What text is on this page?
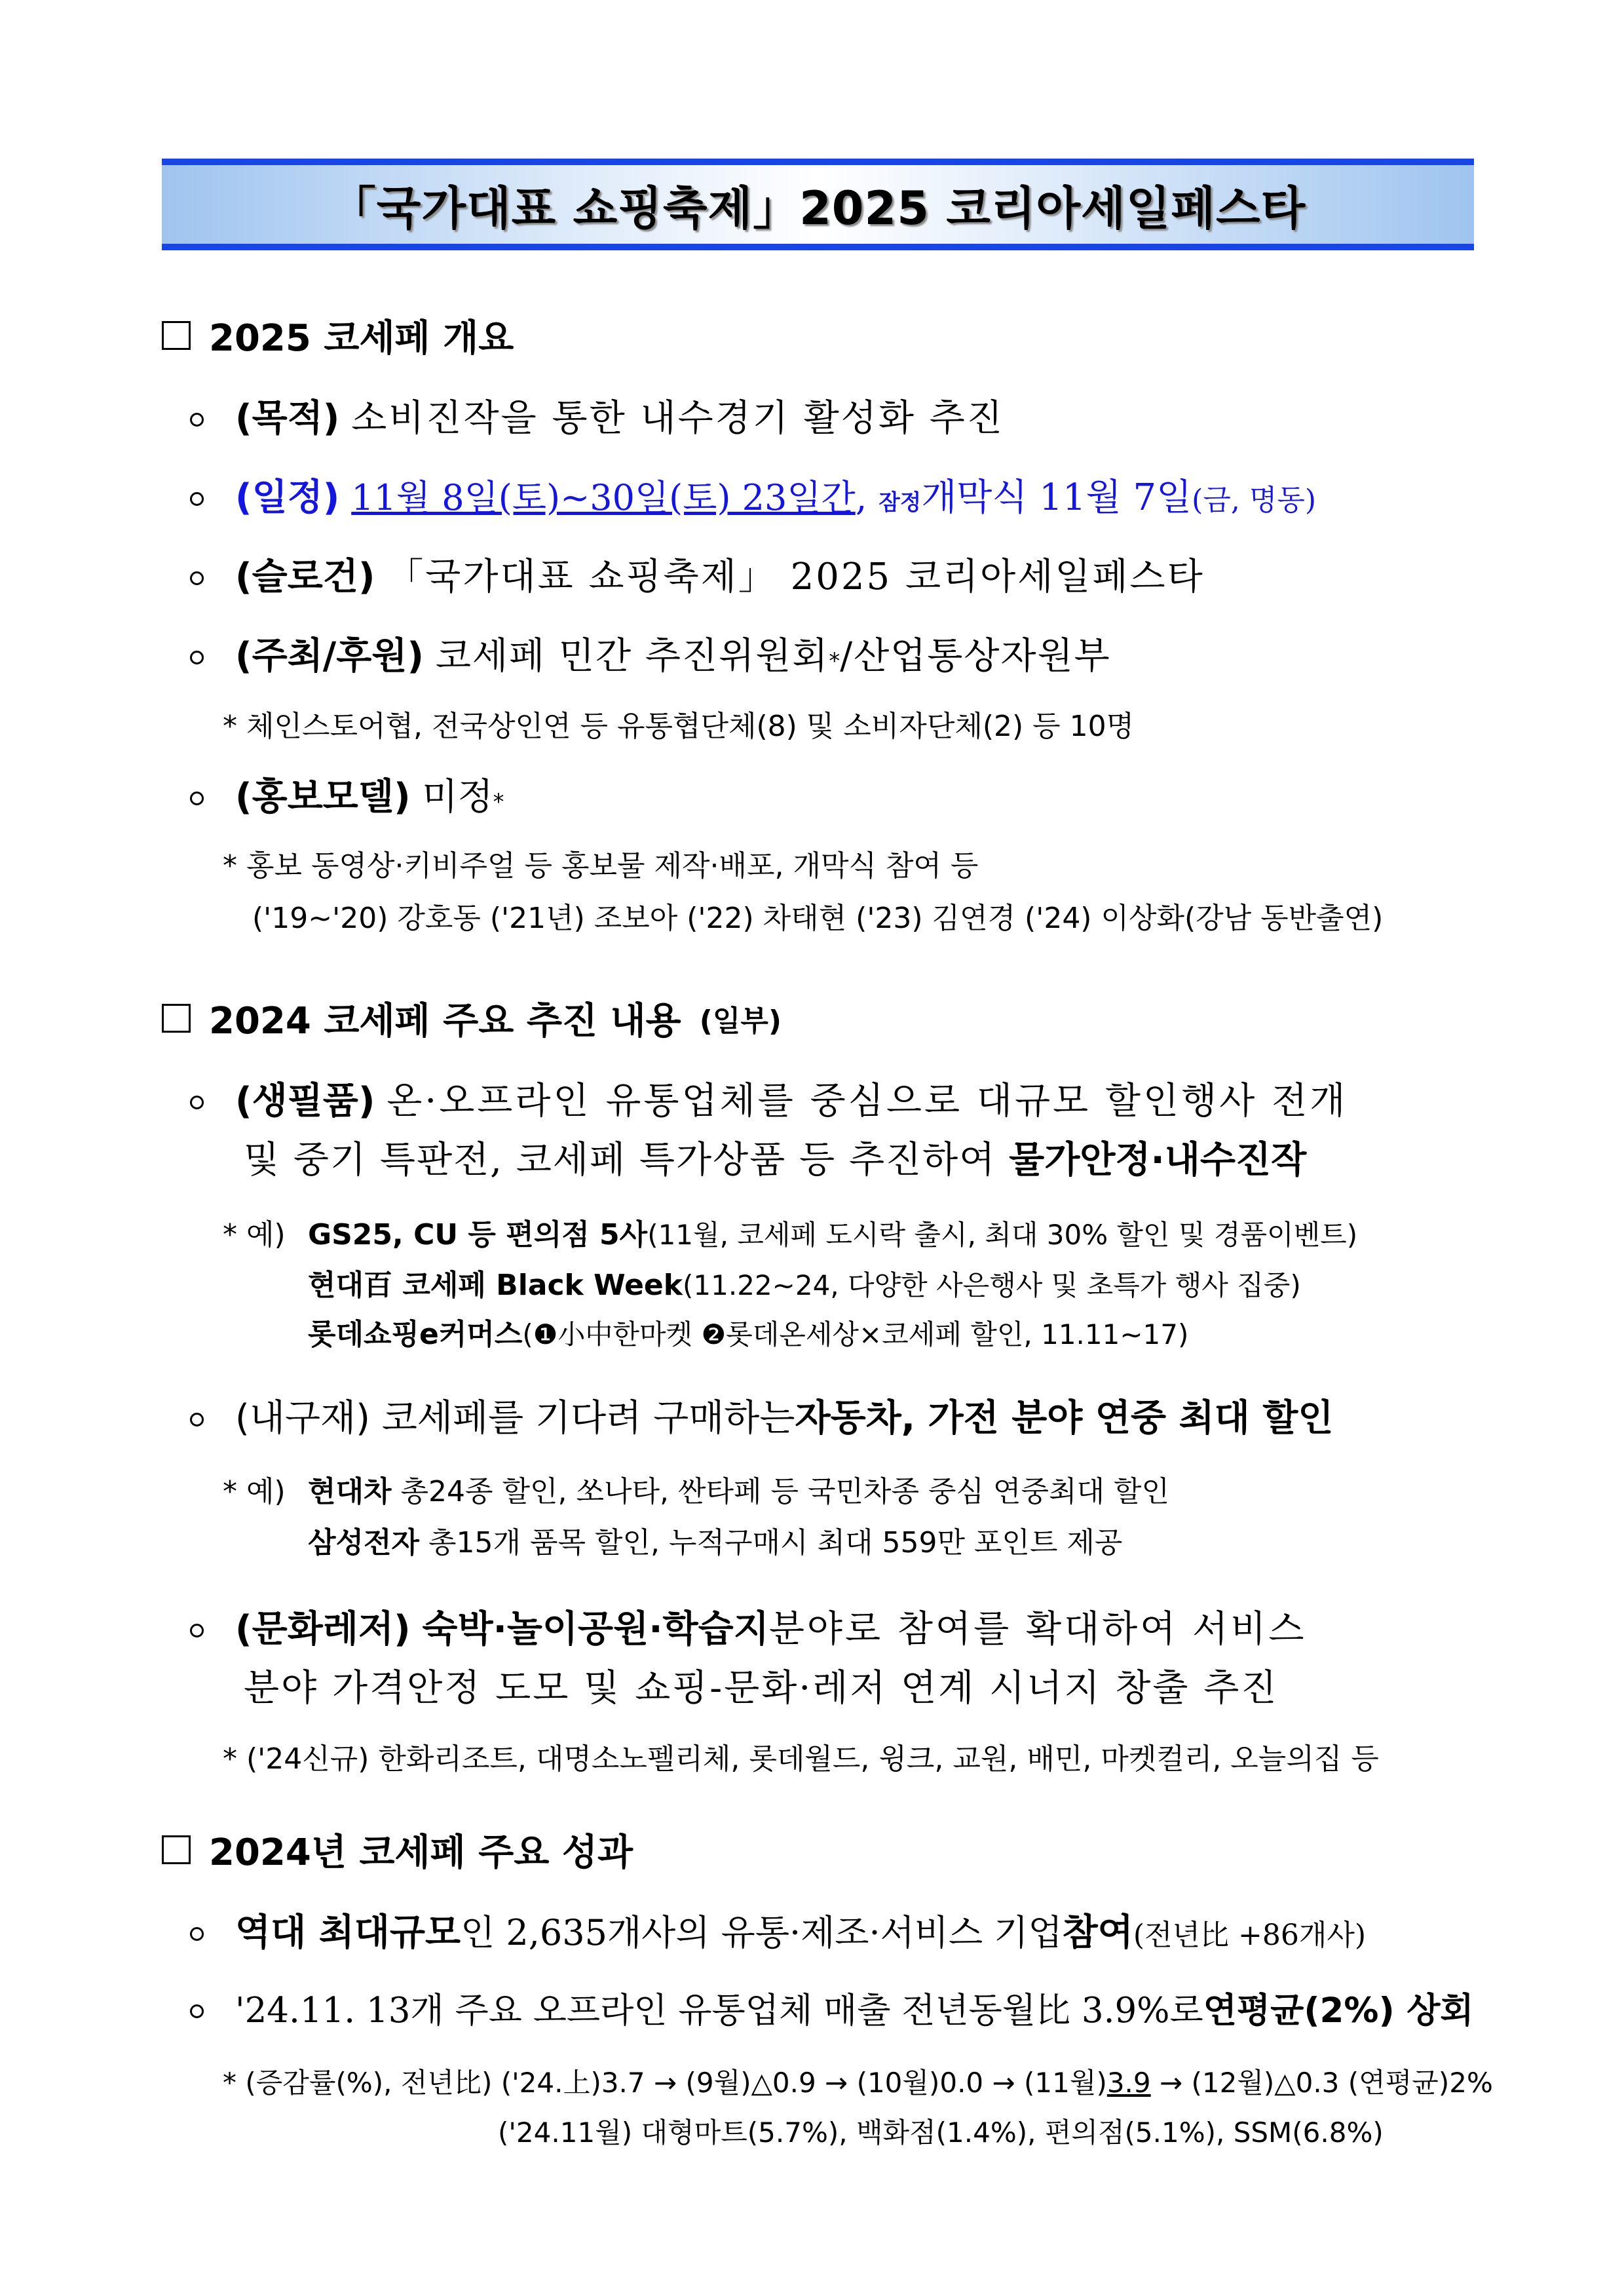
「국가대표 쇼핑축제」2025 코리아세일페스타
2025 코세페 개요
(목적)
소비진작을 통한 내수경기 활성화 추진
(일정)
11월 8일(토)~30일(토) 23일간 ,
잠정 개막식 11월 7일 (금, 명동)
(슬로건)
「국가대표 쇼핑축제」 2025 코리아세일페스타
(주최/후원)
코세페 민간 추진위원회$_*$ /산업통상자원부
* 체인스토어협, 전국상인연 등 유통협단체(8) 및 소비자단체(2) 등 10명
(홍보모델)
미정$_*$
* 홍보 동영상·키비주얼 등 홍보물 제작·배포, 개막식 참여 등
('19~'20) 강호동 ('21년) 조보아 ('22) 차태현 ('23) 김연경 ('24) 이상화(강남 동반출연)
2024 코세페 주요 추진 내용 (일부)
(생필품)
온·오프라인 유통업체를 중심으로 대규모 할인행사 전개
및 중기 특판전, 코세페 특가상품 등 추진하여 물가안정·내수진작
* 예) GS25, CU 등 편의점 5사(11월, 코세페 도시락 출시, 최대 30% 할인 및 경품이벤트)
현대百 코세페 Black Week(11.22~24, 다양한 사은행사 및 초특가 행사 집중)
롯데쇼핑e커머스(❶小中한마켓 ❷롯데온세상×코세페 할인, 11.11~17)
(내구재)
코세페를 기다려 구매하는 자동차, 가전 분야 연중 최대 할인
* 예) 현대차 총24종 할인, 쏘나타, 싼타페 등 국민차종 중심 연중최대 할인
삼성전자 총15개 품목 할인, 누적구매시 최대 559만 포인트 제공
(문화레저)
숙박·놀이공원·학습지 분야로 참여를 확대하여 서비스
분야 가격안정 도모 및 쇼핑-문화·레저 연계 시너지 창출 추진
* ('24신규) 한화리조트, 대명소노펠리체, 롯데월드, 윙크, 교원, 배민, 마켓컬리, 오늘의집 등
2024년 코세페 주요 성과
역대 최대규모 인 2,635개사의 유통·제조·서비스 기업 참여 (전년比 +86개사)
'24.11. 13개 주요 오프라인 유통업체 매출 전년동월比 3.9%로 연평균(2%) 상회
* (증감률(%), 전년比) ('24.上)3.7 → (9월)△0.9 → (10월)0.0 → (11월)3.9 → (12월)△0.3 (연평균)2%
('24.11월) 대형마트(5.7%), 백화점(1.4%), 편의점(5.1%), SSM(6.8%)
